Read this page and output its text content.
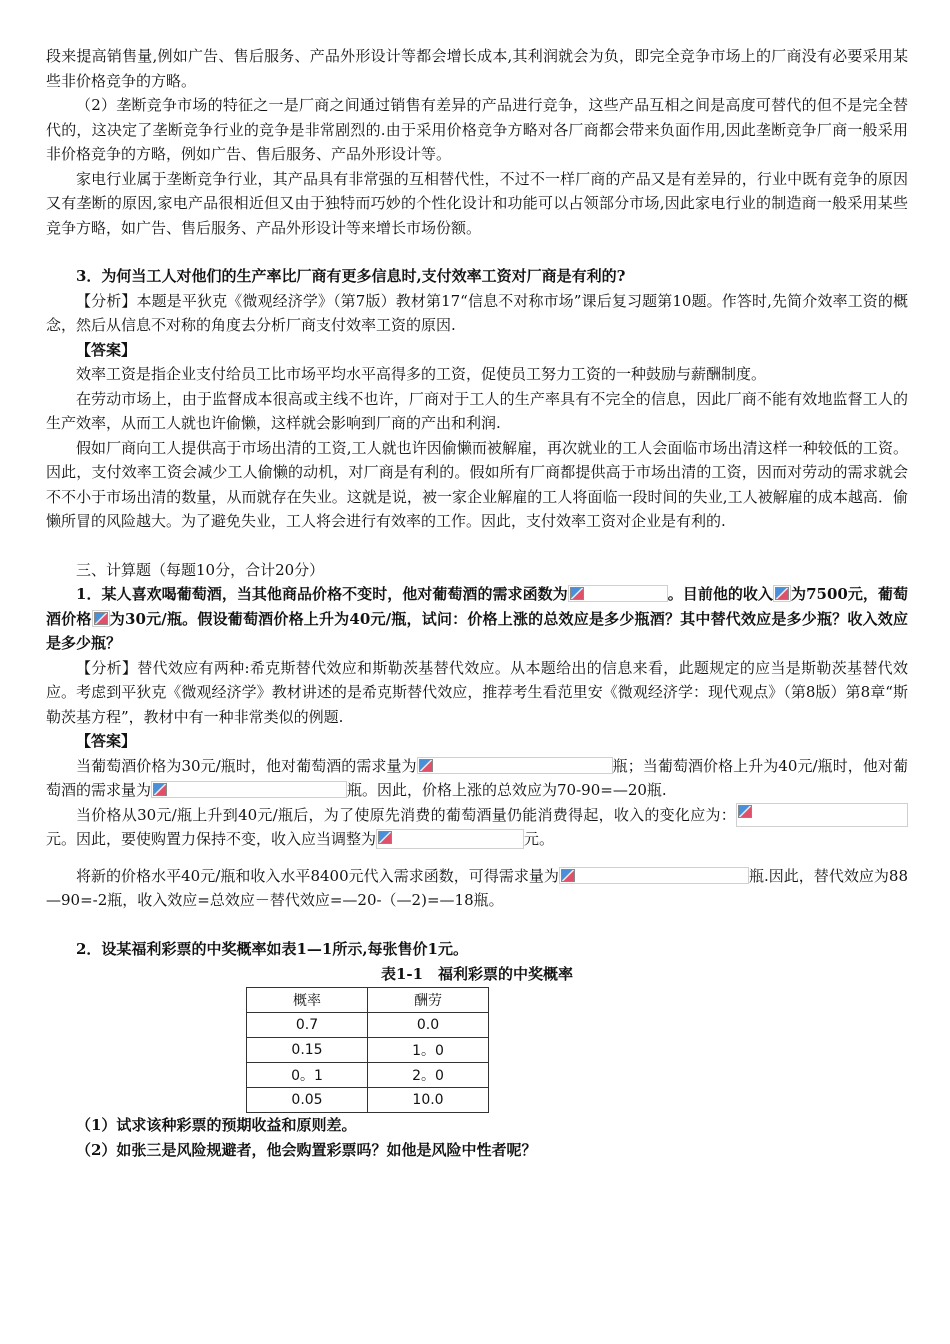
段来提高销售量,例如广告、售后服务、产品外形设计等都会增长成本,其利润就会为负，即完全竞争市场上的厂商没有必要采用某些非价格竞争的方略。

（2）垄断竞争市场的特征之一是厂商之间通过销售有差异的产品进行竞争，这些产品互相之间是高度可替代的但不是完全替代的，这决定了垄断竞争行业的竞争是非常剧烈的.由于采用价格竞争方略对各厂商都会带来负面作用,因此垄断竞争厂商一般采用非价格竞争的方略，例如广告、售后服务、产品外形设计等。

家电行业属于垄断竞争行业，其产品具有非常强的互相替代性，不过不一样厂商的产品又是有差异的，行业中既有竞争的原因又有垄断的原因,家电产品很相近但又由于独特而巧妙的个性化设计和功能可以占领部分市场,因此家电行业的制造商一般采用某些竞争方略，如广告、售后服务、产品外形设计等来增长市场份额。

3．为何当工人对他们的生产率比厂商有更多信息时,支付效率工资对厂商是有利的?

【分析】本题是平狄克《微观经济学》（第7版）教材第17“信息不对称市场”课后复习题第10题。作答时,先简介效率工资的概念，然后从信息不对称的角度去分析厂商支付效率工资的原因.

【答案】

效率工资是指企业支付给员工比市场平均水平高得多的工资，促使员工努力工资的一种鼓励与薪酬制度。

在劳动市场上，由于监督成本很高或主线不也许，厂商对于工人的生产率具有不完全的信息，因此厂商不能有效地监督工人的生产效率，从而工人就也许偷懒，这样就会影响到厂商的产出和利润.

假如厂商向工人提供高于市场出清的工资,工人就也许因偷懒而被解雇，再次就业的工人会面临市场出清这样一种较低的工资。因此，支付效率工资会减少工人偷懒的动机，对厂商是有利的。假如所有厂商都提供高于市场出清的工资，因而对劳动的需求就会不不小于市场出清的数量，从而就存在失业。这就是说，被一家企业解雇的工人将面临一段时间的失业,工人被解雇的成本越高．偷懒所冒的风险越大。为了避免失业，工人将会进行有效率的工作。因此，支付效率工资对企业是有利的.

三、计算题（每题10分，合计20分）

1．某人喜欢喝葡萄酒，当其他商品价格不变时，他对葡萄酒的需求函数为	。目前他的收入 为7500元，葡萄酒价格 为30元/瓶。假设葡萄酒价格上升为40元/瓶，试问：价格上涨的总效应是多少瓶酒？其中替代效应是多少瓶？收入效应是多少瓶？

【分析】替代效应有两种:希克斯替代效应和斯勒茨基替代效应。从本题给出的信息来看，此题规定的应当是斯勒茨基替代效应。考虑到平狄克《微观经济学》教材讲述的是希克斯替代效应，推荐考生看范里安《微观经济学：现代观点》（第8版）第8章“斯勒茨基方程”，教材中有一种非常类似的例题.

【答案】

当葡萄酒价格为30元/瓶时，他对葡萄酒的需求量为	瓶；当葡萄酒价格上升为40元/瓶时，他对葡萄酒的需求量为	瓶。因此，价格上涨的总效应为70-90=—20瓶.

当价格从30元/瓶上升到40元/瓶后，为了使原先消费的葡萄酒量仍能消费得起，收入的变化应为：
元。因此，要使购置力保持不变，收入应当调整为	元。

将新的价格水平40元/瓶和收入水平8400元代入需求函数，可得需求量为	瓶.因此，替代效应为88—90=-2瓶，收入效应=总效应－替代效应=—20-（—2)=—18瓶。

2．设某福利彩票的中奖概率如表1—1所示,每张售价1元。

表1-1　福利彩票的中奖概率
概率	酬劳
0.7	0.0
0.15	1。0
0。1	2。0
0.05	10.0

（1）试求该种彩票的预期收益和原则差。

（2）如张三是风险规避者，他会购置彩票吗？如他是风险中性者呢？
